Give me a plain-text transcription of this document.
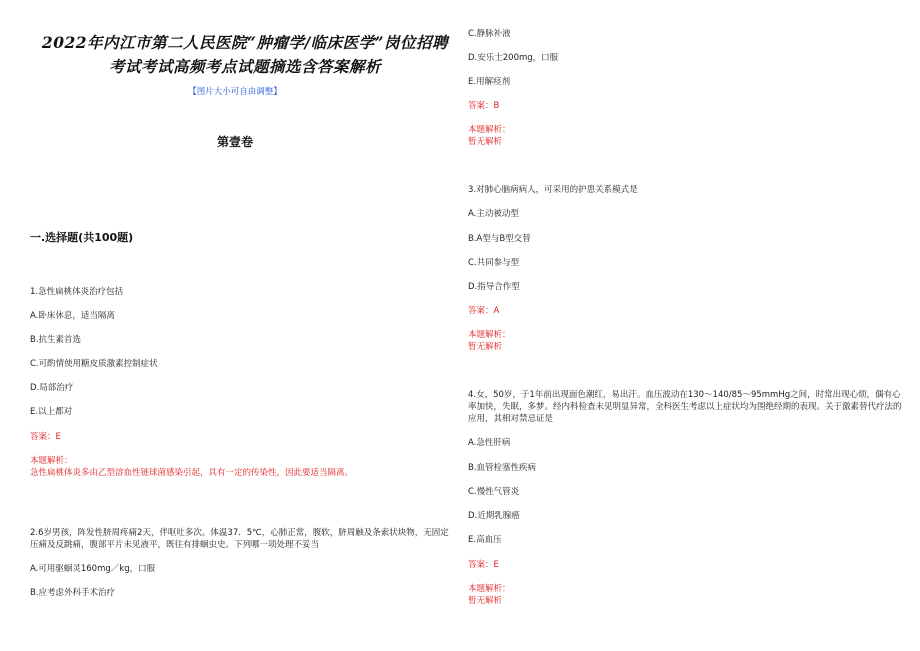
2022年内江市第二人民医院“肿瘤学/临床医学”岗位招聘
考试考试高频考点试题摘选含答案解析
【图片大小可自由调整】
第壹卷
一.选择题(共100题)
1.急性扁桃体炎治疗包括
A.卧床休息，适当隔离
B.抗生素首选
C.可酌情使用糖皮质激素控制症状
D.局部治疗
E.以上都对
答案：E
本题解析：
急性扁桃体炎多由乙型溶血性链球菌感染引起，具有一定的传染性，因此要适当隔离。
2.6岁男孩，阵发性脐周疼痛2天，伴呕吐多次。体温37．5℃，心肺正常，腹软，脐周触及条索状块物，无固定压痛及反跳痛，腹部平片未见液平，既往有排蛔虫史。下列哪一项处理不妥当
A.可用驱蛔灵160mg／kg，口服
B.应考虑外科手术治疗
C.静脉补液
D.安乐士200mg，口服
E.用解痉剂
答案：B
本题解析：
暂无解析
3.对肺心脑病病人，可采用的护患关系模式是
A.主动被动型
B.A型与B型交替
C.共同参与型
D.指导合作型
答案：A
本题解析：
暂无解析
4.女，50岁，于1年前出现面色潮红，易出汗。血压波动在130～140/85～95mmHg之间，时常出现心烦，偶有心率加快，失眠，多梦。经内科检查未见明显异常，全科医生考虑以上症状均为围绝经期的表现。关于激素替代疗法的应用，其相对禁忌证是
A.急性肝病
B.血管栓塞性疾病
C.慢性气管炎
D.近期乳腺癌
E.高血压
答案：E
本题解析：
暂无解析
